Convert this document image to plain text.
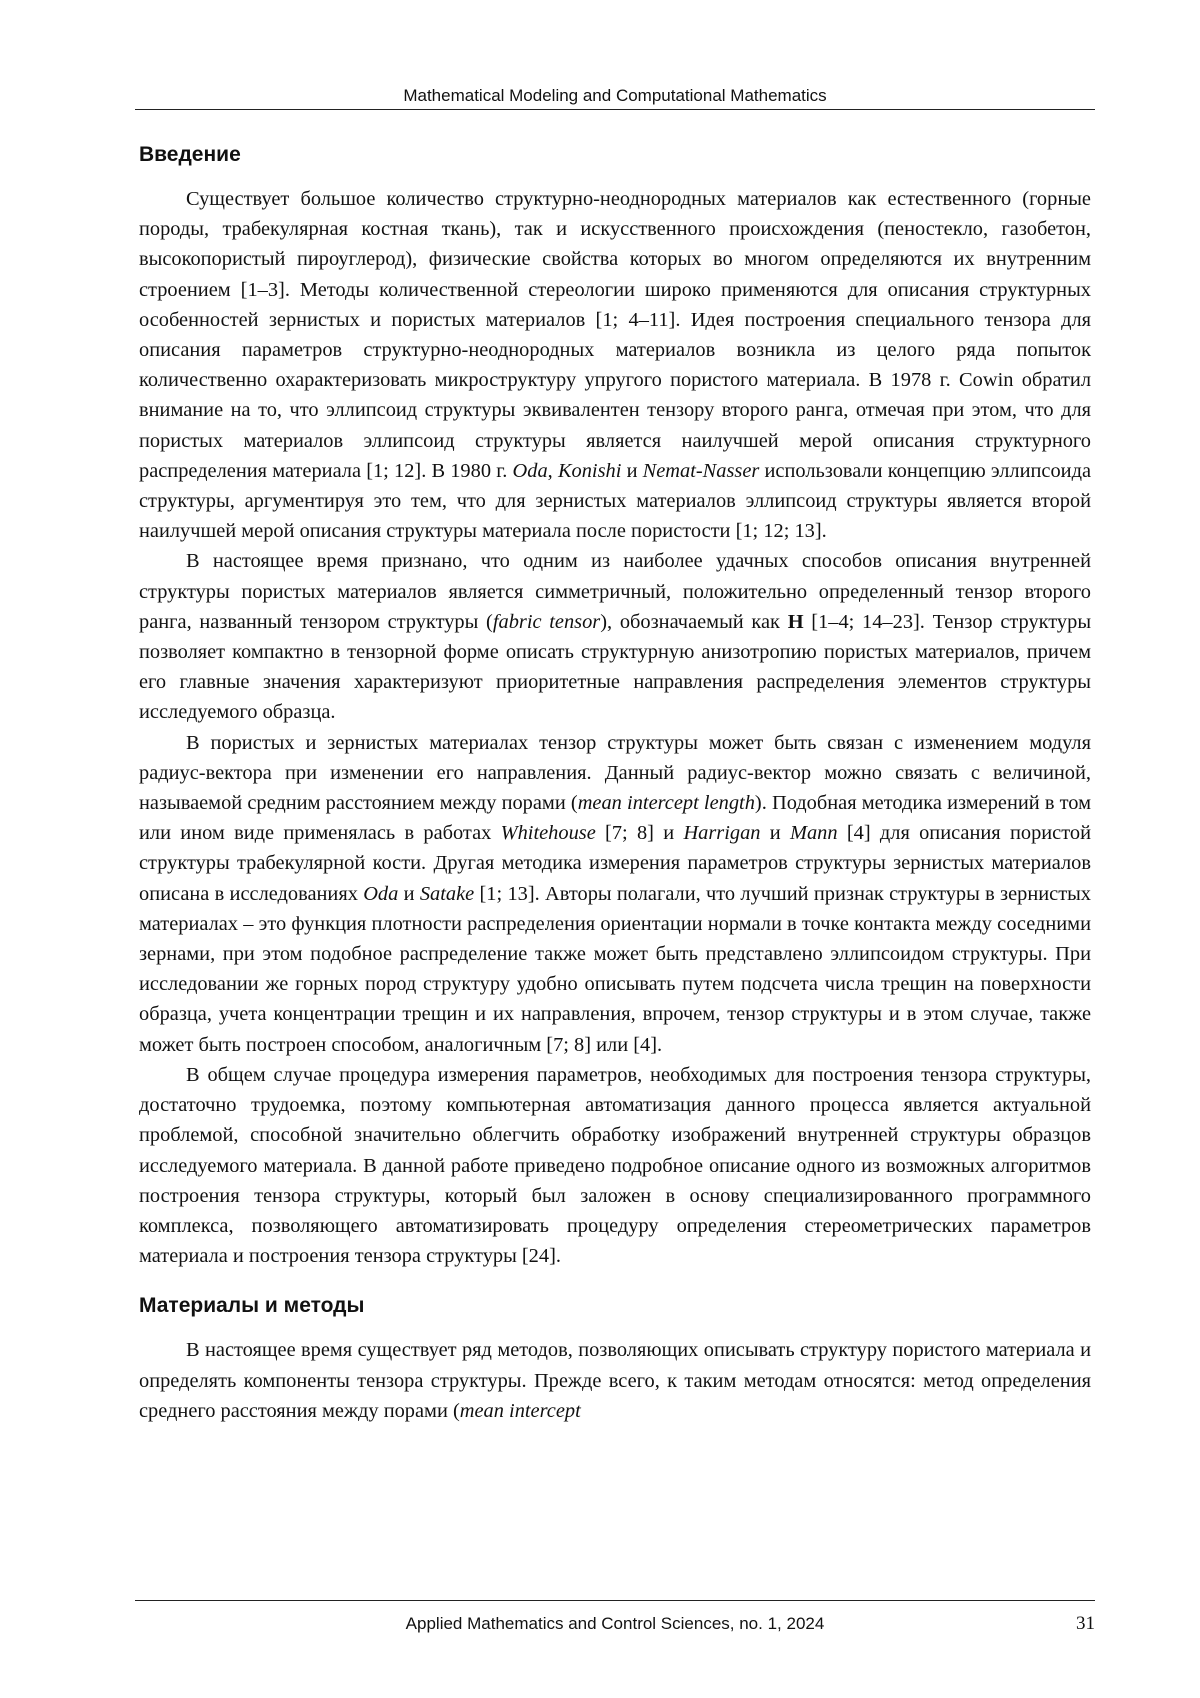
Mathematical Modeling and Computational Mathematics
Введение

Существует большое количество структурно-неоднородных материалов как естественного (горные породы, трабекулярная костная ткань), так и искусственного происхождения (пеностекло, газобетон, высокопористый пироуглерод), физические свойства которых во многом определяются их внутренним строением [1–3]. Методы количественной стереологии широко применяются для описания структурных особенностей зернистых и пористых материалов [1; 4–11]. Идея построения специального тензора для описания параметров структурно-неоднородных материалов возникла из целого ряда попыток количественно охарактеризовать микроструктуру упругого пористого материала. В 1978 г. Cowin обратил внимание на то, что эллипсоид структуры эквивалентен тензору второго ранга, отмечая при этом, что для пористых материалов эллипсоид структуры является наилучшей мерой описания структурного распределения материала [1; 12]. В 1980 г. Oda, Konishi и Nemat-Nasser использовали концепцию эллипсоида структуры, аргументируя это тем, что для зернистых материалов эллипсоид структуры является второй наилучшей мерой описания структуры материала после пористости [1; 12; 13].

В настоящее время признано, что одним из наиболее удачных способов описания внутренней структуры пористых материалов является симметричный, положительно определенный тензор второго ранга, названный тензором структуры (fabric tensor), обозначаемый как H [1–4; 14–23]. Тензор структуры позволяет компактно в тензорной форме описать структурную анизотропию пористых материалов, причем его главные значения характеризуют приоритетные направления распределения элементов структуры исследуемого образца.

В пористых и зернистых материалах тензор структуры может быть связан с изменением модуля радиус-вектора при изменении его направления. Данный радиус-вектор можно связать с величиной, называемой средним расстоянием между порами (mean intercept length). Подобная методика измерений в том или ином виде применялась в работах Whitehouse [7; 8] и Harrigan и Mann [4] для описания пористой структуры трабекулярной кости. Другая методика измерения параметров структуры зернистых материалов описана в исследованиях Oda и Satake [1; 13]. Авторы полагали, что лучший признак структуры в зернистых материалах – это функция плотности распределения ориентации нормали в точке контакта между соседними зернами, при этом подобное распределение также может быть представлено эллипсоидом структуры. При исследовании же горных пород структуру удобно описывать путем подсчета числа трещин на поверхности образца, учета концентрации трещин и их направления, впрочем, тензор структуры и в этом случае, также может быть построен способом, аналогичным [7; 8] или [4].

В общем случае процедура измерения параметров, необходимых для построения тензора структуры, достаточно трудоемка, поэтому компьютерная автоматизация данного процесса является актуальной проблемой, способной значительно облегчить обработку изображений внутренней структуры образцов исследуемого материала. В данной работе приведено подробное описание одного из возможных алгоритмов построения тензора структуры, который был заложен в основу специализированного программного комплекса, позволяющего автоматизировать процедуру определения стереометрических параметров материала и построения тензора структуры [24].

Материалы и методы

В настоящее время существует ряд методов, позволяющих описывать структуру пористого материала и определять компоненты тензора структуры. Прежде всего, к таким методам относятся: метод определения среднего расстояния между порами (mean intercept

Applied Mathematics and Control Sciences, no. 1, 2024	31
